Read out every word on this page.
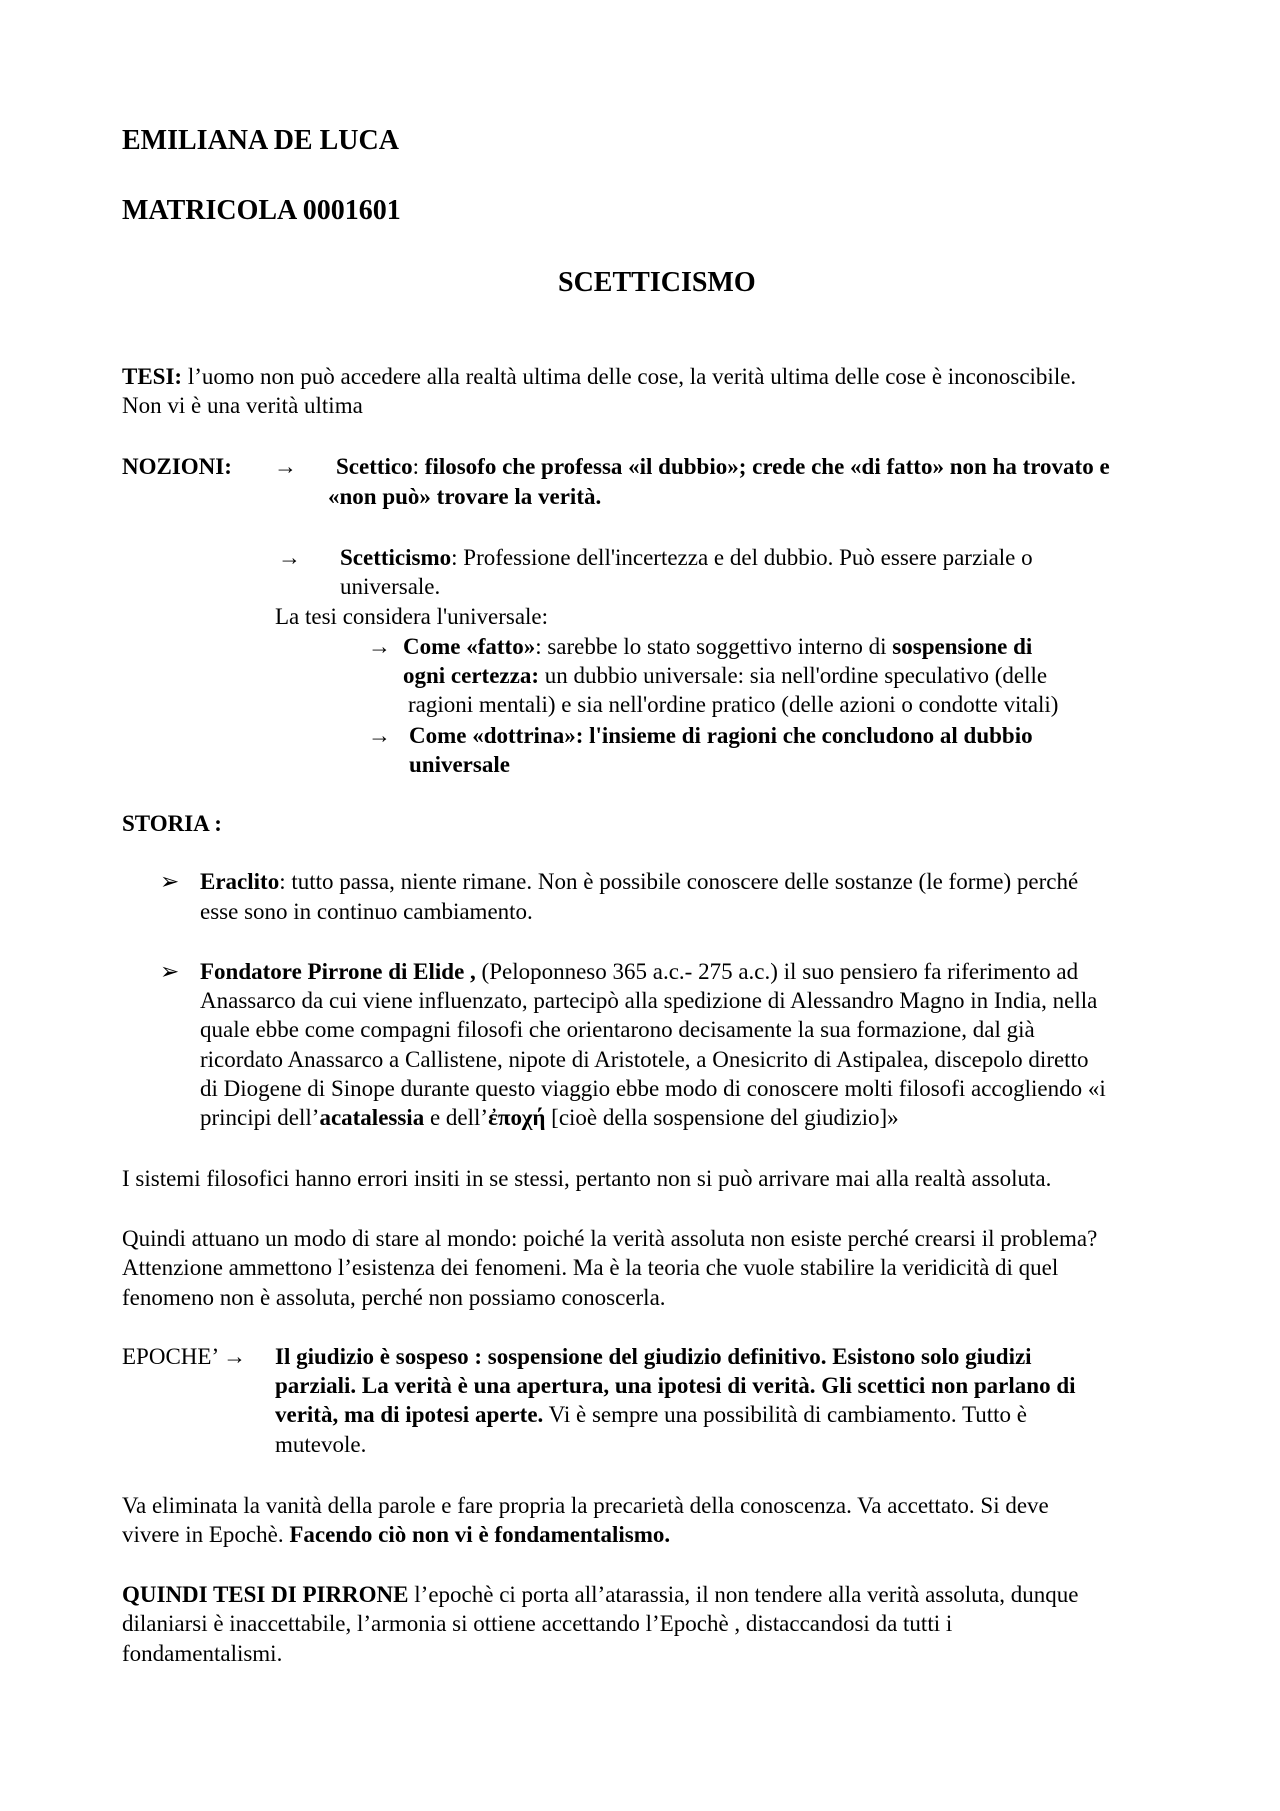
EMILIANA DE LUCA
MATRICOLA 0001601
SCETTICISMO
TESI: l’uomo non può accedere alla realtà ultima delle cose, la verità ultima delle cose è inconoscibile.
Non vi è una verità ultima
NOZIONI: → Scettico: filosofo che professa «il dubbio»; crede che «di fatto» non ha trovato e
«non può» trovare la verità.
→ Scetticismo: Professione dell'incertezza e del dubbio. Può essere parziale o
universale.
La tesi considera l'universale:
→ Come «fatto»: sarebbe lo stato soggettivo interno di sospensione di
ogni certezza: un dubbio universale: sia nell'ordine speculativo (delle
ragioni mentali) e sia nell'ordine pratico (delle azioni o condotte vitali)
→ Come «dottrina»: l'insieme di ragioni che concludono al dubbio
universale
STORIA :
➢ Eraclito: tutto passa, niente rimane. Non è possibile conoscere delle sostanze (le forme) perché
esse sono in continuo cambiamento.
➢ Fondatore Pirrone di Elide , (Peloponneso 365 a.c.- 275 a.c.) il suo pensiero fa riferimento ad
Anassarco da cui viene influenzato, partecipò alla spedizione di Alessandro Magno in India, nella
quale ebbe come compagni filosofi che orientarono decisamente la sua formazione, dal già
ricordato Anassarco a Callistene, nipote di Aristotele, a Onesicrito di Astipalea, discepolo diretto
di Diogene di Sinope durante questo viaggio ebbe modo di conoscere molti filosofi accogliendo «i
principi dell’acatalessia e dell’ἐποχή [cioè della sospensione del giudizio]»
I sistemi filosofici hanno errori insiti in se stessi, pertanto non si può arrivare mai alla realtà assoluta.
Quindi attuano un modo di stare al mondo: poiché la verità assoluta non esiste perché crearsi il problema?
Attenzione ammettono l’esistenza dei fenomeni. Ma è la teoria che vuole stabilire la veridicità di quel
fenomeno non è assoluta, perché non possiamo conoscerla.
EPOCHE’ → Il giudizio è sospeso : sospensione del giudizio definitivo. Esistono solo giudizi
parziali. La verità è una apertura, una ipotesi di verità. Gli scettici non parlano di
verità, ma di ipotesi aperte. Vi è sempre una possibilità di cambiamento. Tutto è
mutevole.
Va eliminata la vanità della parole e fare propria la precarietà della conoscenza. Va accettato. Si deve
vivere in Epochè. Facendo ciò non vi è fondamentalismo.
QUINDI TESI DI PIRRONE l’epochè ci porta all’atarassia, il non tendere alla verità assoluta, dunque
dilaniarsi è inaccettabile, l’armonia si ottiene accettando l’Epochè , distaccandosi da tutti i
fondamentalismi.
